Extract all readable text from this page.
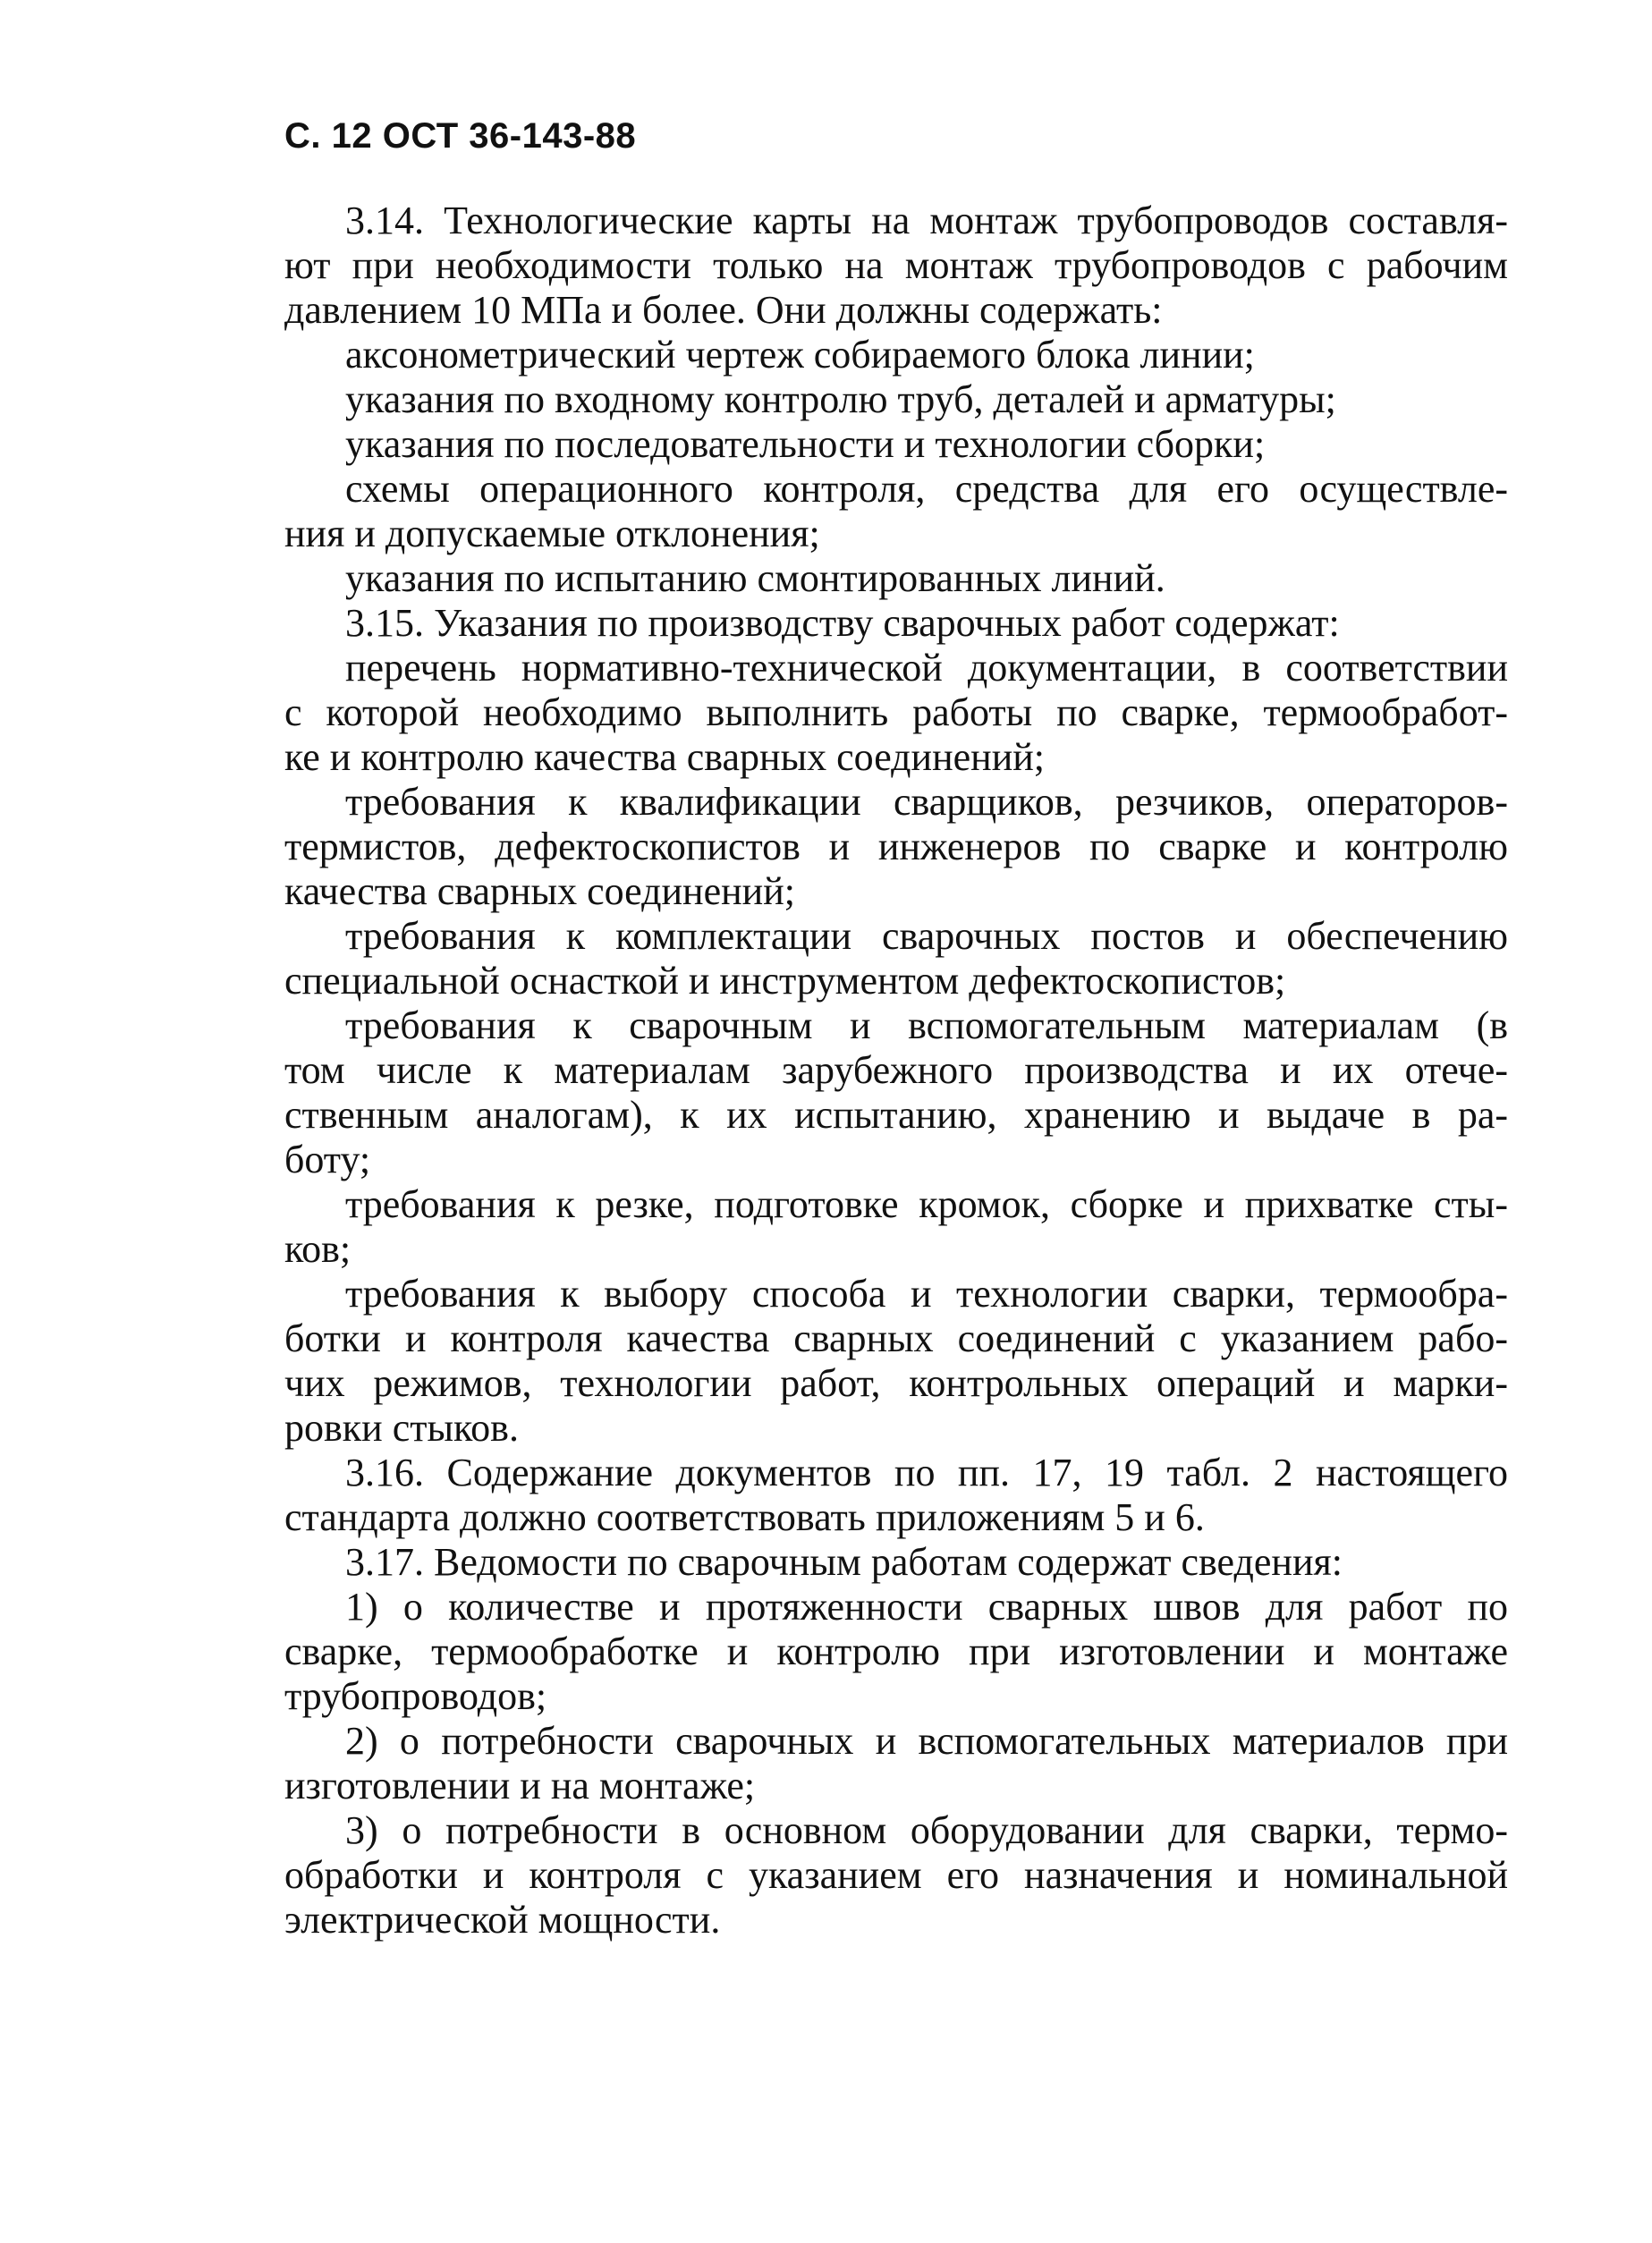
С. 12 ОСТ 36-143-88
3.14. Технологические карты на монтаж трубопроводов составля-
ют при необходимости только на монтаж трубопроводов с рабочим
давлением 10 МПа и более. Они должны содержать:
аксонометрический чертеж собираемого блока линии;
указания по входному контролю труб, деталей и арматуры;
указания по последовательности и технологии сборки;
схемы операционного контроля, средства для его осуществле-
ния и допускаемые отклонения;
указания по испытанию смонтированных линий.
3.15. Указания по производству сварочных работ содержат:
перечень нормативно-технической документации, в соответствии
с которой необходимо выполнить работы по сварке, термообработ-
ке и контролю качества сварных соединений;
требования к квалификации сварщиков, резчиков, операторов-
термистов, дефектоскопистов и инженеров по сварке и контролю
качества сварных соединений;
требования к комплектации сварочных постов и обеспечению
специальной оснасткой и инструментом дефектоскопистов;
требования к сварочным и вспомогательным материалам (в
том числе к материалам зарубежного производства и их отече-
ственным аналогам), к их испытанию, хранению и выдаче в ра-
боту;
требования к резке, подготовке кромок, сборке и прихватке сты-
ков;
требования к выбору способа и технологии сварки, термообра-
ботки и контроля качества сварных соединений с указанием рабо-
чих режимов, технологии работ, контрольных операций и марки-
ровки стыков.
3.16. Содержание документов по пп. 17, 19 табл. 2 настоящего
стандарта должно соответствовать приложениям 5 и 6.
3.17. Ведомости по сварочным работам содержат сведения:
1) о количестве и протяженности сварных швов для работ по
сварке, термообработке и контролю при изготовлении и монтаже
трубопроводов;
2) о потребности сварочных и вспомогательных материалов при
изготовлении и на монтаже;
3) о потребности в основном оборудовании для сварки, термо-
обработки и контроля с указанием его назначения и номинальной
электрической мощности.
